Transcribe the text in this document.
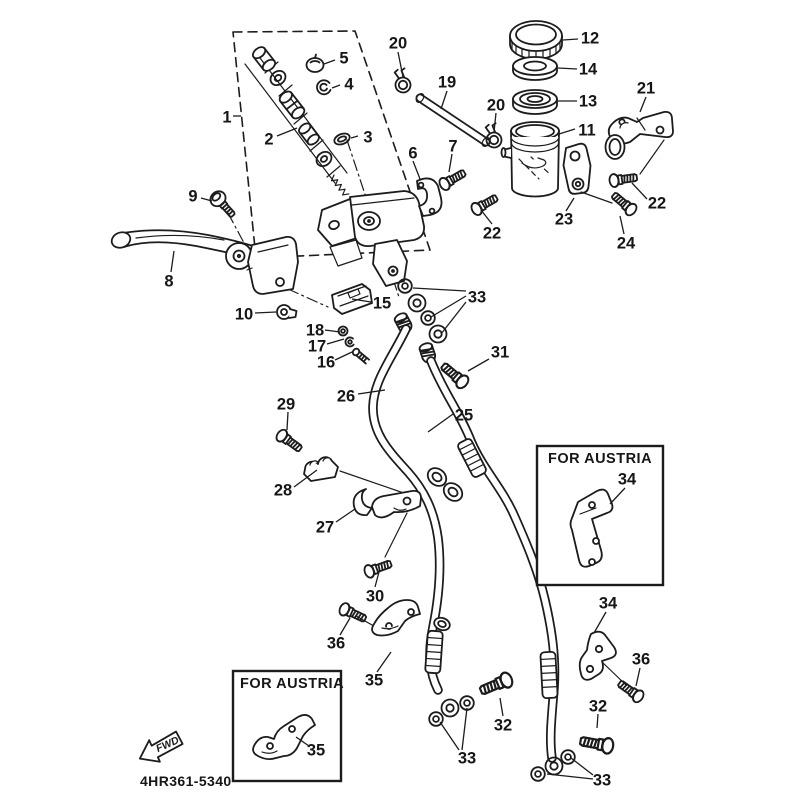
FOR AUSTRIA
FOR AUSTRIA
FWD
4HR361-5340
1
2	3
4
5
6 7
8
9
10
11
12
13
14
15
16
17
18
19
20
20
21
22
22
23
24
25
26
27
28
29
30
31
32
32
33
33
33
34
34
35
35
36
36
